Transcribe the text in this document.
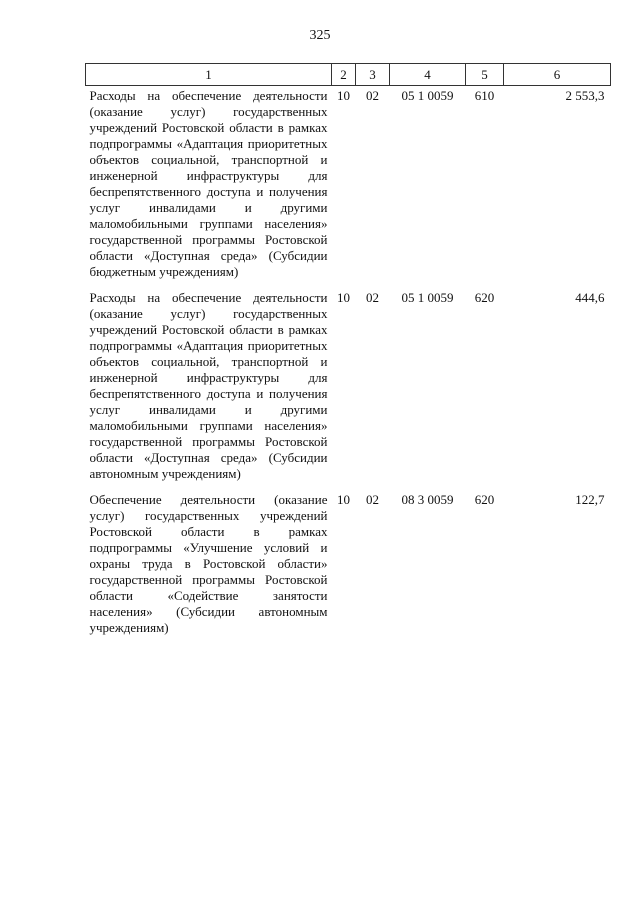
325
1	2	3	4	5	6
Расходы на обеспечение деятельности (оказание услуг) государственных учреждений Ростовской области в рамках подпрограммы «Адаптация приоритетных объектов социальной, транспортной и инженерной инфраструктуры для беспрепятственного доступа и получения услуг инвалидами и другими маломобильными группами населения» государственной программы Ростовской области «Доступная среда» (Субсидии бюджетным учреждениям)	10	02	05 1 0059	610	2 553,3
Расходы на обеспечение деятельности (оказание услуг) государственных учреждений Ростовской области в рамках подпрограммы «Адаптация приоритетных объектов социальной, транспортной и инженерной инфраструктуры для беспрепятственного доступа и получения услуг инвалидами и другими маломобильными группами населения» государственной программы Ростовской области «Доступная среда» (Субсидии автономным учреждениям)	10	02	05 1 0059	620	444,6
Обеспечение деятельности (оказание услуг) государственных учреждений Ростовской области в рамках подпрограммы «Улучшение условий и охраны труда в Ростовской области» государственной программы Ростовской области «Содействие занятости населения» (Субсидии автономным учреждениям)	10	02	08 3 0059	620	122,7
